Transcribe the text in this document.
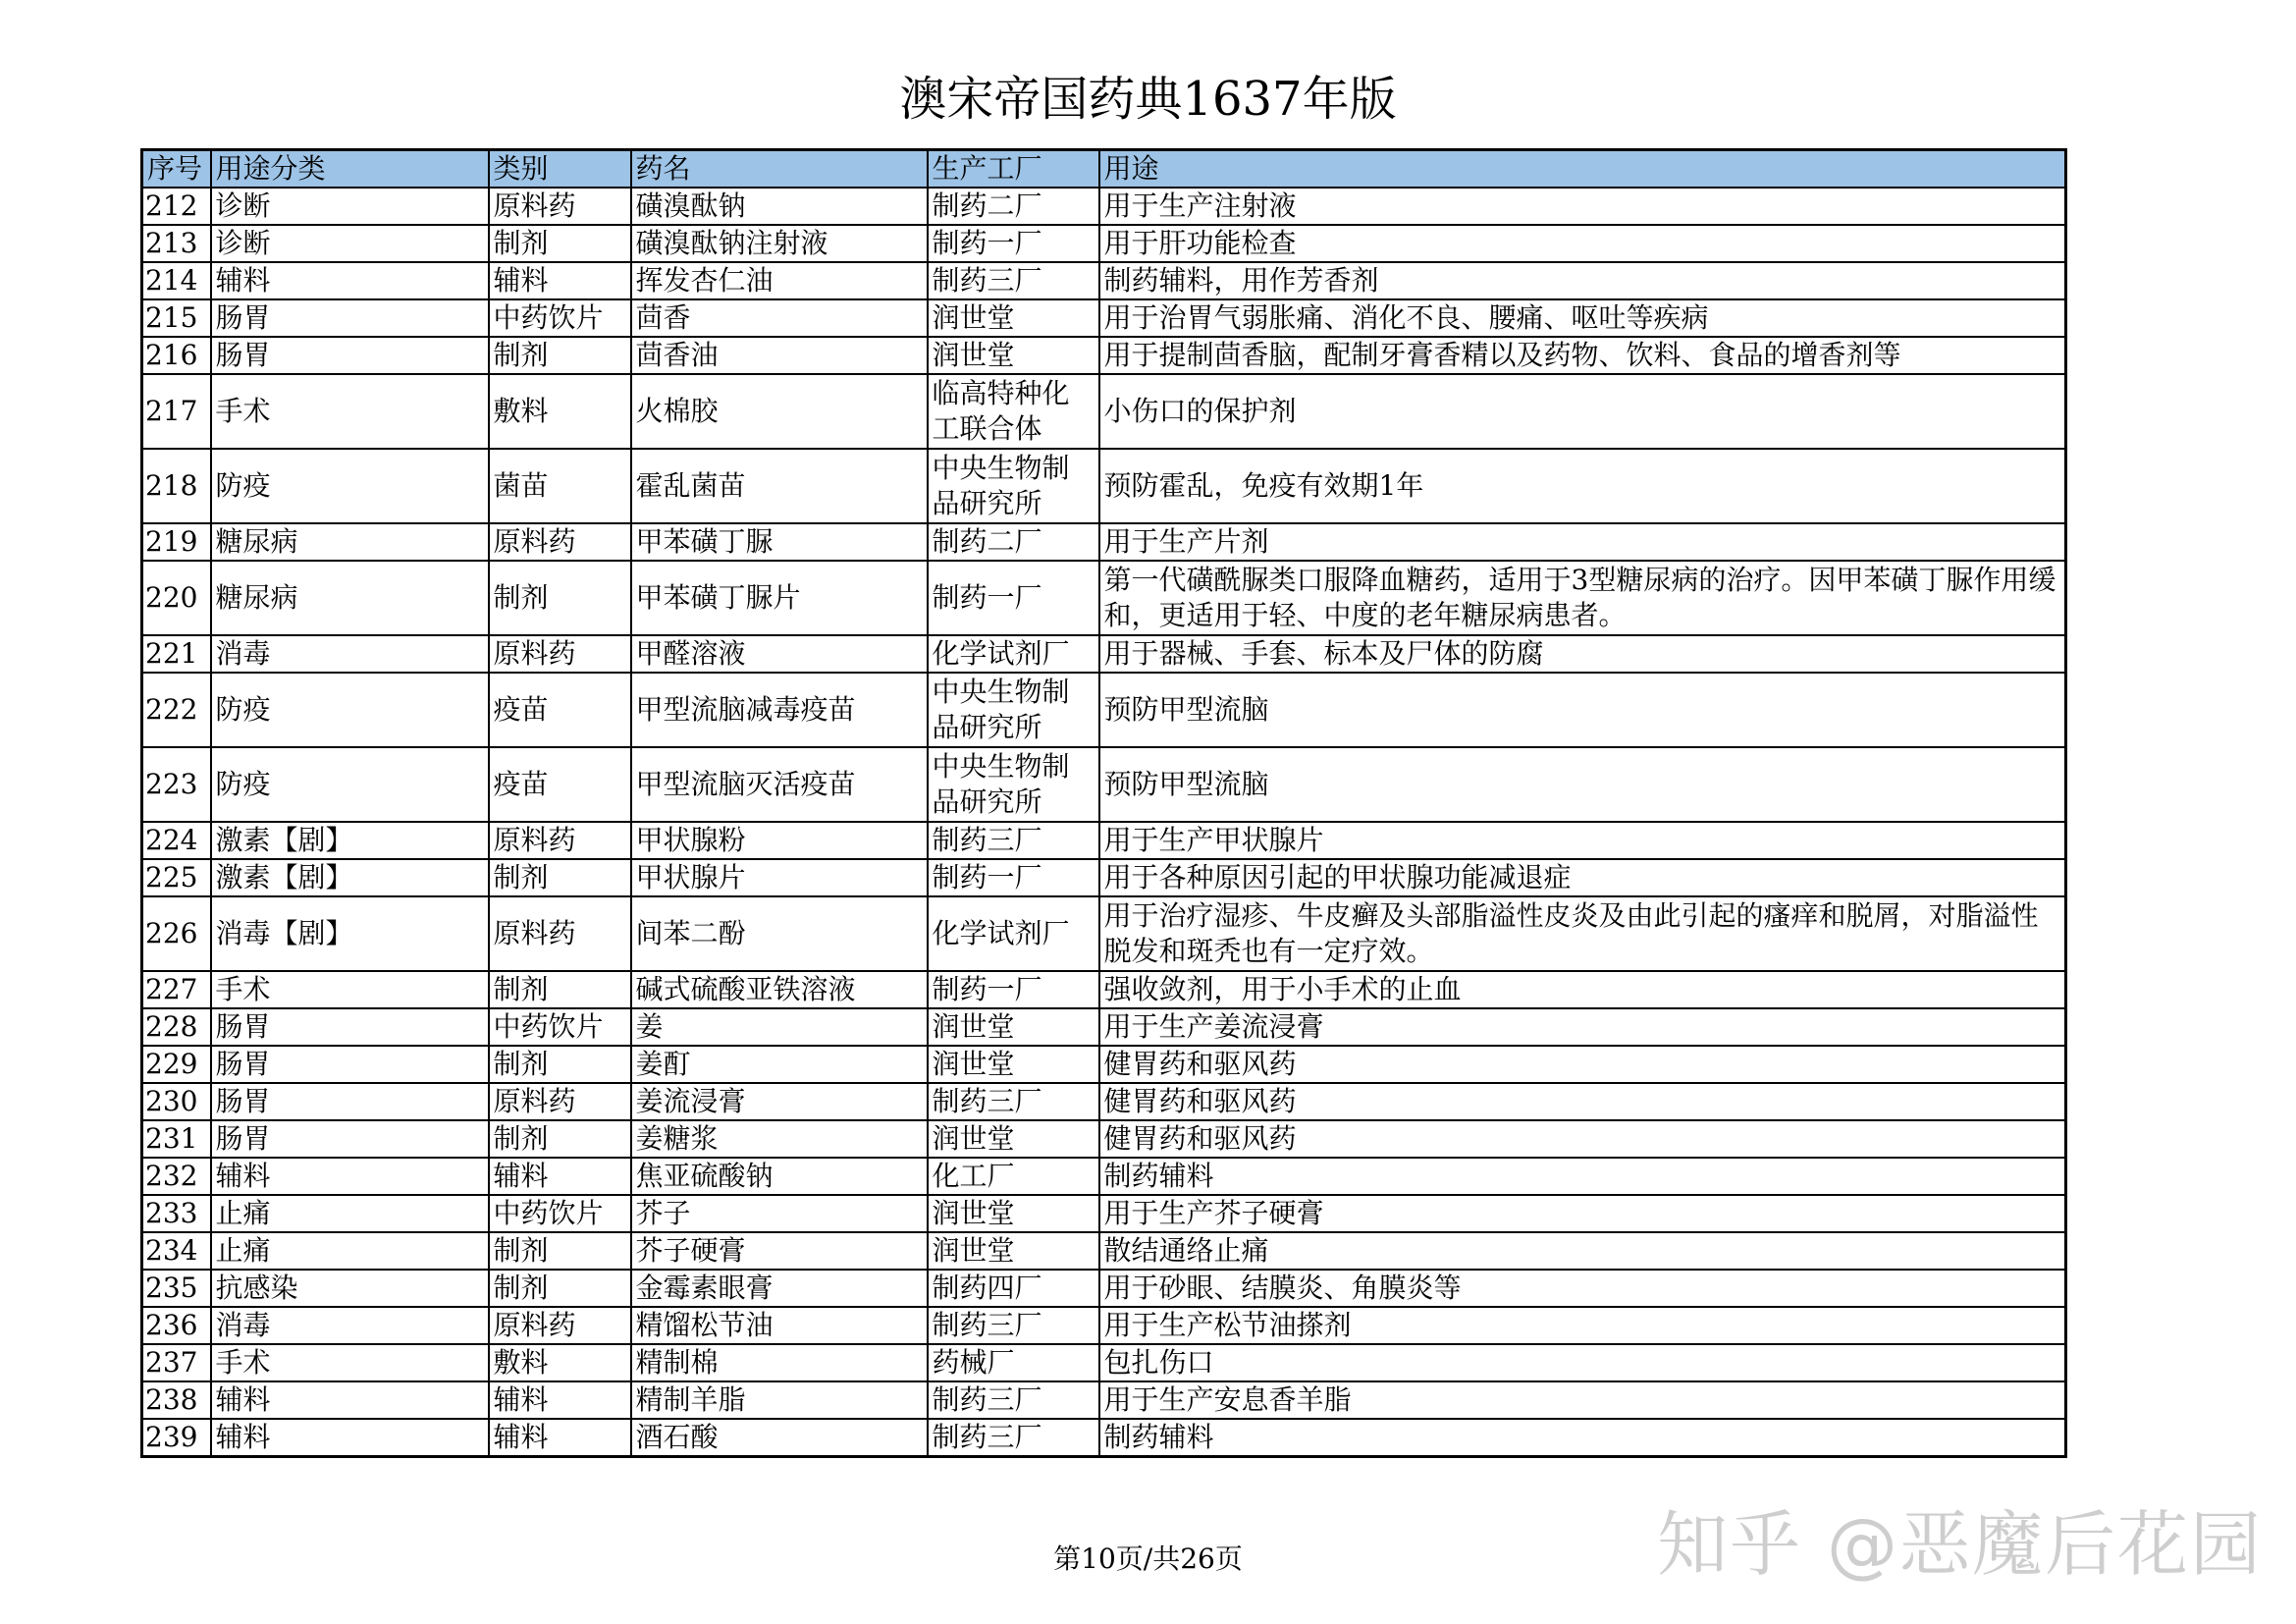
澳宋帝国药典1637年版
序号	用途分类	类别	药名	生产工厂	用途
212	诊断	原料药	磺溴酞钠	制药二厂	用于生产注射液
213	诊断	制剂	磺溴酞钠注射液	制药一厂	用于肝功能检查
214	辅料	辅料	挥发杏仁油	制药三厂	制药辅料，用作芳香剂
215	肠胃	中药饮片	茴香	润世堂	用于治胃气弱胀痛、消化不良、腰痛、呕吐等疾病
216	肠胃	制剂	茴香油	润世堂	用于提制茴香脑，配制牙膏香精以及药物、饮料、食品的增香剂等
217	手术	敷料	火棉胶	临高特种化工联合体	小伤口的保护剂
218	防疫	菌苗	霍乱菌苗	中央生物制品研究所	预防霍乱，免疫有效期1年
219	糖尿病	原料药	甲苯磺丁脲	制药二厂	用于生产片剂
220	糖尿病	制剂	甲苯磺丁脲片	制药一厂	第一代磺酰脲类口服降血糖药，适用于3型糖尿病的治疗。因甲苯磺丁脲作用缓和，更适用于轻、中度的老年糖尿病患者。
221	消毒	原料药	甲醛溶液	化学试剂厂	用于器械、手套、标本及尸体的防腐
222	防疫	疫苗	甲型流脑减毒疫苗	中央生物制品研究所	预防甲型流脑
223	防疫	疫苗	甲型流脑灭活疫苗	中央生物制品研究所	预防甲型流脑
224	激素【剧】	原料药	甲状腺粉	制药三厂	用于生产甲状腺片
225	激素【剧】	制剂	甲状腺片	制药一厂	用于各种原因引起的甲状腺功能减退症
226	消毒【剧】	原料药	间苯二酚	化学试剂厂	用于治疗湿疹、牛皮癣及头部脂溢性皮炎及由此引起的瘙痒和脱屑，对脂溢性脱发和斑秃也有一定疗效。
227	手术	制剂	碱式硫酸亚铁溶液	制药一厂	强收敛剂，用于小手术的止血
228	肠胃	中药饮片	姜	润世堂	用于生产姜流浸膏
229	肠胃	制剂	姜酊	润世堂	健胃药和驱风药
230	肠胃	原料药	姜流浸膏	制药三厂	健胃药和驱风药
231	肠胃	制剂	姜糖浆	润世堂	健胃药和驱风药
232	辅料	辅料	焦亚硫酸钠	化工厂	制药辅料
233	止痛	中药饮片	芥子	润世堂	用于生产芥子硬膏
234	止痛	制剂	芥子硬膏	润世堂	散结通络止痛
235	抗感染	制剂	金霉素眼膏	制药四厂	用于砂眼、结膜炎、角膜炎等
236	消毒	原料药	精馏松节油	制药三厂	用于生产松节油搽剂
237	手术	敷料	精制棉	药械厂	包扎伤口
238	辅料	辅料	精制羊脂	制药三厂	用于生产安息香羊脂
239	辅料	辅料	酒石酸	制药三厂	制药辅料
第10页/共26页	知乎 @恶魔后花园
